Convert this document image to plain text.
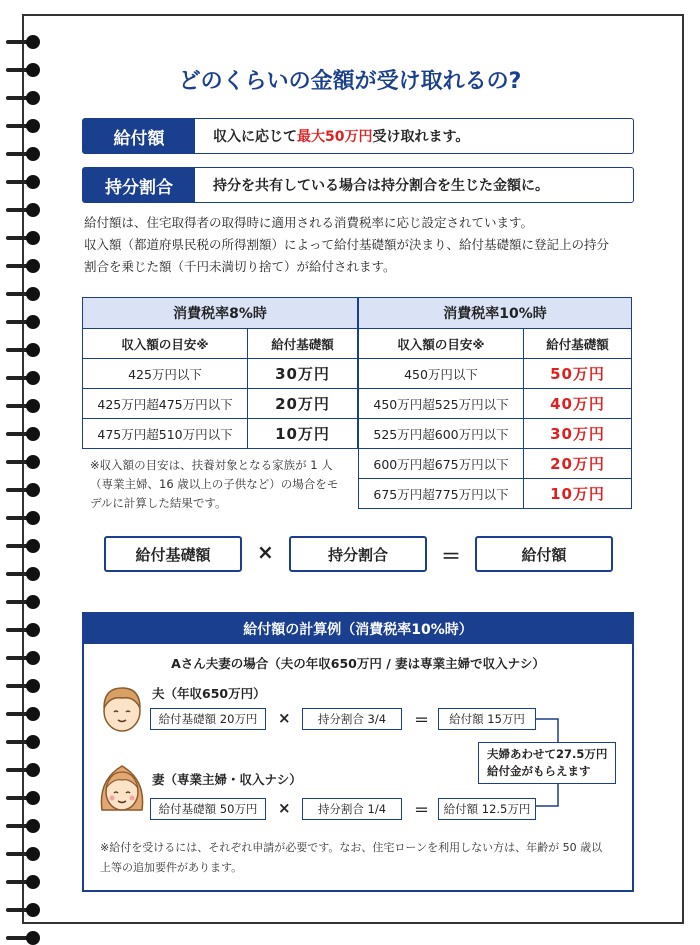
どのくらいの金額が受け取れるの?
給付額	収入に応じて最大50万円受け取れます。
持分割合	持分を共有している場合は持分割合を生じた金額に。
給付額は、住宅取得者の取得時に適用される消費税率に応じ設定されています。
収入額（都道府県民税の所得割額）によって給付基礎額が決まり、給付基礎額に登記上の持分
割合を乗じた額（千円未満切り捨て）が給付されます。
消費税率8%時	
収入額の目安※	給付基礎額
425万円以下	30万円
425万円超475万円以下	20万円
475万円超510万円以下	10万円
消費税率10%時	
収入額の目安※	給付基礎額
450万円以下	50万円
450万円超525万円以下	40万円
525万円超600万円以下	30万円
600万円超675万円以下	20万円
675万円超775万円以下	10万円
※収入額の目安は、扶養対象となる家族が 1 人
（専業主婦、16 歳以上の子供など）の場合をモ
デルに計算した結果です。
給付基礎額	×	持分割合	＝	給付額
給付額の計算例（消費税率10%時）
Aさん夫妻の場合（夫の年収650万円 / 妻は専業主婦で収入ナシ）
夫（年収650万円）
給付基礎額 20万円	×	持分割合 3/4	＝	給付額 15万円
妻（専業主婦・収入ナシ）
給付基礎額 50万円	×	持分割合 1/4	＝	給付額 12.5万円
夫婦あわせて27.5万円
給付金がもらえます
※給付を受けるには、それぞれ申請が必要です。なお、住宅ローンを利用しない方は、年齢が 50 歳以
上等の追加要件があります。
